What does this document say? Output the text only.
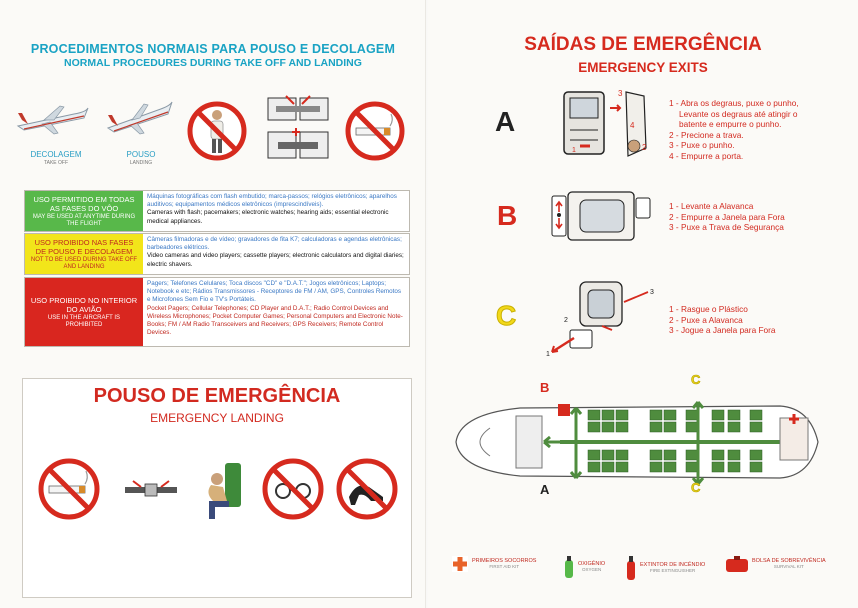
PROCEDIMENTOS NORMAIS PARA POUSO E DECOLAGEM
NORMAL PROCEDURES DURING TAKE OFF AND LANDING
DECOLAGEM
TAKE OFF
POUSO
LANDING
USO PERMITIDO EM TODAS AS FASES DO VÔO
MAY BE USED AT ANYTIME DURING THE FLIGHT
Máquinas fotográficas com flash embutido; marca-passos; relógios eletrônicos; aparelhos auditivos; equipamentos médicos eletrônicos (imprescindíveis).
Cameras with flash; pacemakers; electronic watches; hearing aids; essential electronic medical appliances.
USO PROIBIDO NAS FASES DE POUSO E DECOLAGEM
NOT TO BE USED DURING TAKE OFF AND LANDING
Câmeras filmadoras e de vídeo; gravadores de fita K7; calculadoras e agendas eletrônicas; barbeadores elétricos.
Video cameras and video players; cassette players; electronic calculators and digital diaries; electric shavers.
USO PROIBIDO NO INTERIOR DO AVIÃO
USE IN THE AIRCRAFT IS PROHIBITED
Pagers; Telefones Celulares; Toca discos "CD" e "D.A.T."; Jogos eletrônicos; Laptops; Notebook e etc; Rádios Transmissores - Receptores de FM / AM, GPS, Controles Remotos e Microfones Sem Fio e TV's Portáteis.
Pocket Pagers; Cellular Telephones; CD Player and D.A.T.; Radio Control Devices and Wireless Microphones; Pocket Computer Games; Personal Computers and Electronic Note-Books; FM / AM Radio Transceivers and Receivers; GPS Receivers; Remote Control Devices.
POUSO DE EMERGÊNCIA
EMERGENCY LANDING
SAÍDAS DE EMERGÊNCIA
EMERGENCY EXITS
A
3
4
2
1
1 - Abra os degraus, puxe o punho,
Levante os degraus até atingir o
batente e empurre o punho.
2 - Precione a trava.
3 - Puxe o punho.
4 - Empurre a porta.
B	1 - Levante a Alavanca
2 - Empurre a Janela para Fora
3 - Puxe a Trava de Segurança
C
1
3
2
1 - Rasgue o Plástico
2 - Puxe a Alavanca
3 - Jogue a Janela para Fora
B
C
A	C
PRIMEIROS SOCORROS
FIRST AID KIT	OXIGÊNIO
OXYGEN
EXTINTOR DE INCÊNDIO
FIRE EXTINGUISHER
BOLSA DE SOBREVIVÊNCIA
SURVIVAL KIT
